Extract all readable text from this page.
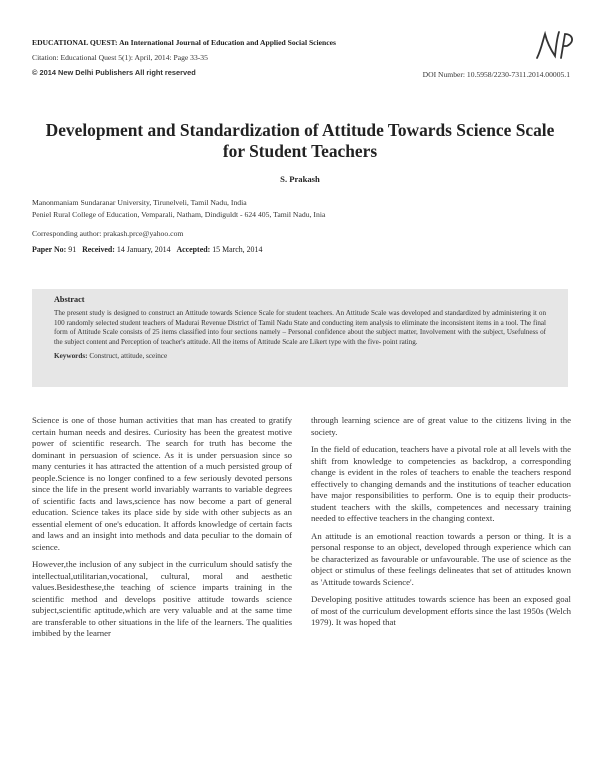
EDUCATIONAL QUEST: An International Journal of Education and Applied Social Sciences
Citation: Educational Quest 5(1): April, 2014: Page 33-35
© 2014 New Delhi Publishers All right reserved	DOI Number: 10.5958/2230-7311.2014.00005.1
Development and Standardization of Attitude Towards Science Scale for Student Teachers
S. Prakash
Manonmaniam Sundaranar University, Tirunelveli, Tamil Nadu, India
Peniel Rural College of Education, Vemparali, Natham, Dindiguldt - 624 405, Tamil Nadu, Inia
Corresponding author: prakash.prce@yahoo.com
Paper No: 91 Received: 14 January, 2014 Accepted: 15 March, 2014
Abstract
The present study is designed to construct an Attitude towards Science Scale for student teachers. An Attitude Scale was developed and standardized by administering it on 100 randomly selected student teachers of Madurai Revenue District of Tamil Nadu State and conducting item analysis to eliminate the inconsistent items in a tool. The final form of Attitude Scale consists of 25 items classified into four sections namely – Personal confidence about the subject matter, Involvement with the subject, Usefulness of the subject content and Perception of teacher's attitude. All the items of Attitude Scale are Likert type with the five- point rating.
Keywords: Construct, attitude, sceince

Science is one of those human activities that man has created to gratify certain human needs and desires. Curiosity has been the greatest motive power of scientific research. The search for truth has become the dominant in persuasion of science. As it is under persuasion since so many centuries it has attracted the attention of a much persisted group of people.Science is no longer confined to a few seriously devoted persons since the life in the present world invariably warrants to variable degrees of scientific facts and laws,science has now become a part of general education. Science takes its place side by side with other subjects as an essential element of one's education. It affords knowledge of certain facts and laws and an insight into methods and data peculiar to the domain of science.

However,the inclusion of any subject in the curriculum should satisfy the intellectual,utilitarian,vocational, cultural, moral and aesthetic values.Besidesthese,the teaching of science imparts training in the scientific method and develops positive attitude towards science subject,scientific aptitude,which are very valuable and at the same time are transferable to other situations in the life of the learners. The qualities imbibed by the learner

through learning science are of great value to the citizens living in the society.

In the field of education, teachers have a pivotal role at all levels with the shift from knowledge to competencies as backdrop, a corresponding change is evident in the roles of teachers to enable the teachers respond effectively to changing demands and the institutions of teacher education have major responsibilities to perform. One is to equip their products-student teachers with the skills, competences and necessary training needed to effective teachers in the changing context.

An attitude is an emotional reaction towards a person or thing. It is a personal response to an object, developed through experience which can be characterized as favourable or unfavourable. The use of science as the object or stimulus of these feelings delineates that set of attitudes known as 'Attitude towards Science'.

Developing positive attitudes towards science has been an exposed goal of most of the curriculum development efforts since the last 1950s (Welch 1979). It was hoped that
